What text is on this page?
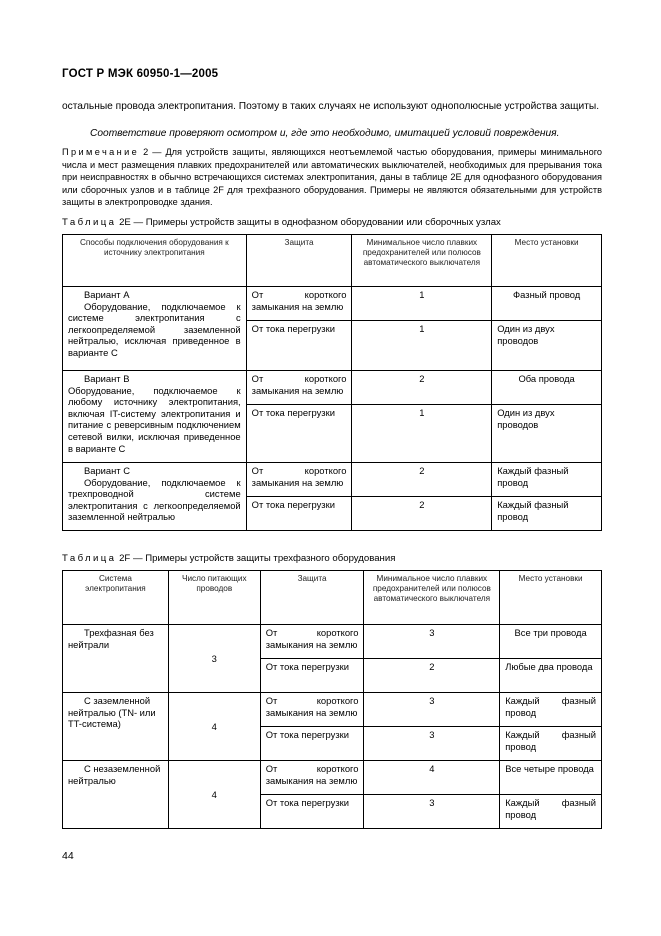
ГОСТ Р МЭК 60950-1—2005
остальные провода электропитания. Поэтому в таких случаях не используют однополюсные устройства защиты.
Соответствие проверяют осмотром и, где это необходимо, имитацией условий повреждения.
Примечание 2 — Для устройств защиты, являющихся неотъемлемой частью оборудования, примеры минимального числа и мест размещения плавких предохранителей или автоматических выключателей, необходимых для прерывания тока при неисправностях в обычно встречающихся системах электропитания, даны в таблице 2E для однофазного оборудования или сборочных узлов и в таблице 2F для трехфазного оборудования. Примеры не являются обязательными для устройств защиты в электропроводке здания.
Таблица 2E — Примеры устройств защиты в однофазном оборудовании или сборочных узлах
Способы подключения оборудования к источнику электропитания	Защита	Минимальное число плавких предохранителей или полюсов автоматического выключателя	Место установки

Вариант А
Оборудование, подключаемое к системе электропитания с легкоопределяемой заземленной нейтралью, исключая приведенное в варианте С	От короткого замыкания на землю	1	Фазный провод
	От тока перегрузки	1	Один из двух проводов

Вариант В
Оборудование, подключаемое к любому источнику электропитания, включая IT-систему электропитания и питание с реверсивным подключением сетевой вилки, исключая приведенное в варианте С	От короткого замыкания на землю	2	Оба провода
	От тока перегрузки	1	Один из двух проводов

Вариант С
Оборудование, подключаемое к трехпроводной системе электропитания с легкоопределяемой заземленной нейтралью	От короткого замыкания на землю	2	Каждый фазный провод
	От тока перегрузки	2	Каждый фазный провод
Таблица 2F — Примеры устройств защиты трехфазного оборудования
Система электропитания	Число питающих проводов	Защита	Минимальное число плавких предохранителей или полюсов автоматического выключателя	Место установки
Трехфазная без нейтрали	3	От короткого замыкания на землю	3	Все три провода
		От тока перегрузки	2	Любые два провода
С заземленной нейтралью (TN- или TT-система)	4	От короткого замыкания на землю	3	Каждый фазный провод
		От тока перегрузки	3	Каждый фазный провод
С незаземленной нейтралью	4	От короткого замыкания на землю	4	Все четыре провода
		От тока перегрузки	3	Каждый фазный провод
44
